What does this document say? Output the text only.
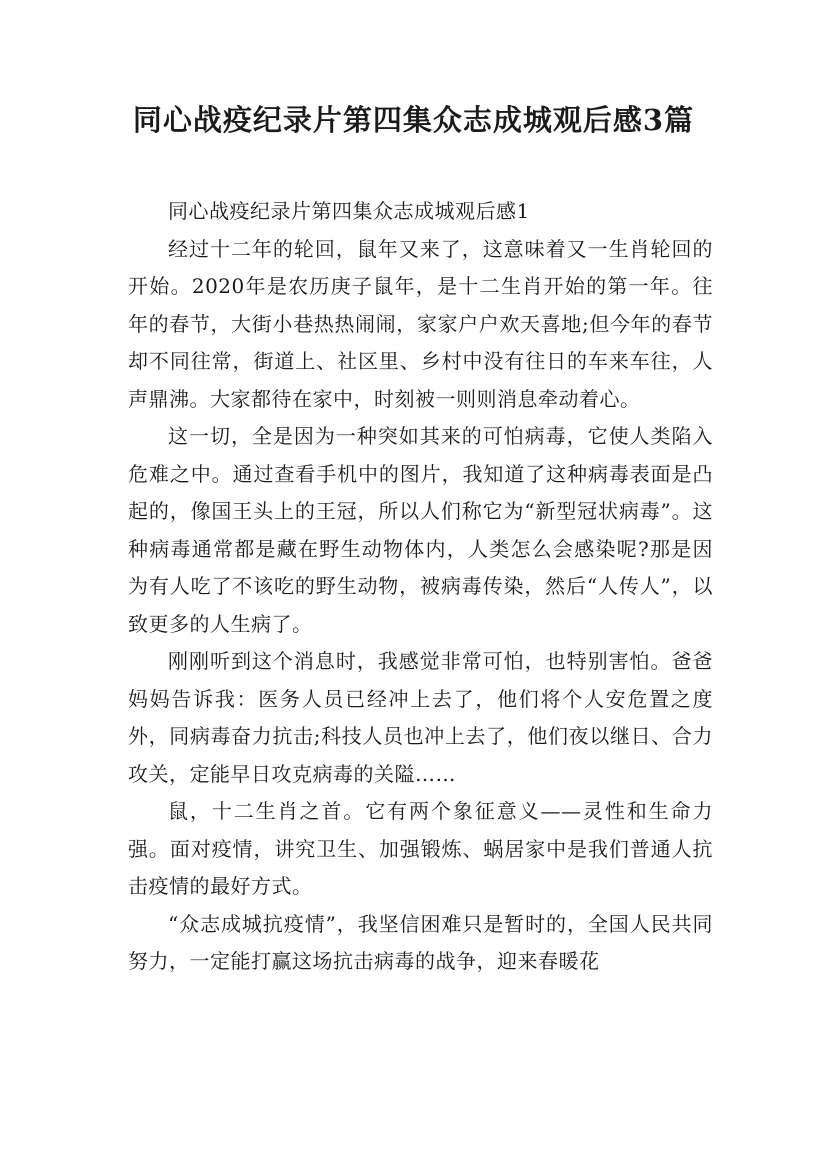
同心战疫纪录片第四集众志成城观后感3篇

同心战疫纪录片第四集众志成城观后感1

经过十二年的轮回，鼠年又来了，这意味着又一生肖轮回的开始。2020年是农历庚子鼠年，是十二生肖开始的第一年。往年的春节，大街小巷热热闹闹，家家户户欢天喜地;但今年的春节却不同往常，街道上、社区里、乡村中没有往日的车来车往，人声鼎沸。大家都待在家中，时刻被一则则消息牵动着心。

这一切，全是因为一种突如其来的可怕病毒，它使人类陷入危难之中。通过查看手机中的图片，我知道了这种病毒表面是凸起的，像国王头上的王冠，所以人们称它为“新型冠状病毒”。这种病毒通常都是藏在野生动物体内，人类怎么会感染呢?那是因为有人吃了不该吃的野生动物，被病毒传染，然后“人传人”，以致更多的人生病了。

刚刚听到这个消息时，我感觉非常可怕，也特别害怕。爸爸妈妈告诉我：医务人员已经冲上去了，他们将个人安危置之度外，同病毒奋力抗击;科技人员也冲上去了，他们夜以继日、合力攻关，定能早日攻克病毒的关隘……

鼠，十二生肖之首。它有两个象征意义——灵性和生命力强。面对疫情，讲究卫生、加强锻炼、蜗居家中是我们普通人抗击疫情的最好方式。

“众志成城抗疫情”，我坚信困难只是暂时的，全国人民共同努力，一定能打赢这场抗击病毒的战争，迎来春暖花
